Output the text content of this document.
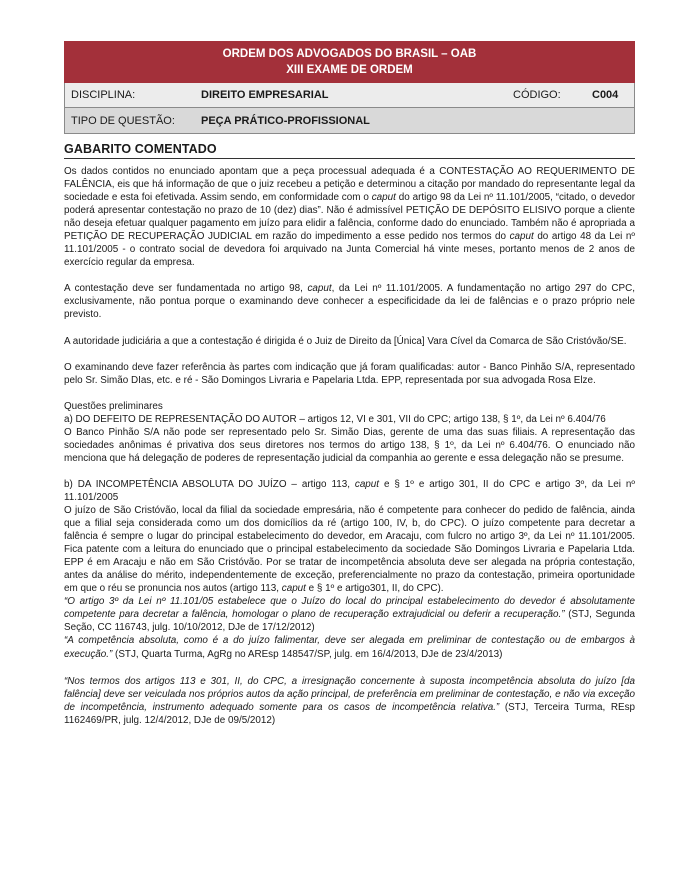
ORDEM DOS ADVOGADOS DO BRASIL – OAB
XIII EXAME DE ORDEM
DISCIPLINA:	DIREITO EMPRESARIAL	CÓDIGO:	C004
TIPO DE QUESTÃO:	PEÇA PRÁTICO-PROFISSIONAL
GABARITO COMENTADO

Os dados contidos no enunciado apontam que a peça processual adequada é a CONTESTAÇÃO AO REQUERIMENTO DE FALÊNCIA, eis que há informação de que o juiz recebeu a petição e determinou a citação por mandado do representante legal da sociedade e esta foi efetivada. Assim sendo, em conformidade com o caput do artigo 98 da Lei nº 11.101/2005, “citado, o devedor poderá apresentar contestação no prazo de 10 (dez) dias”. Não é admissível PETIÇÃO DE DEPÓSITO ELISIVO porque a cliente não deseja efetuar qualquer pagamento em juízo para elidir a falência, conforme dado do enunciado. Também não é apropriada a PETIÇÃO DE RECUPERAÇÃO JUDICIAL em razão do impedimento a esse pedido nos termos do caput do artigo 48 da Lei nº 11.101/2005 - o contrato social de devedora foi arquivado na Junta Comercial há vinte meses, portanto menos de 2 anos de exercício regular da empresa.

A contestação deve ser fundamentada no artigo 98, caput, da Lei nº 11.101/2005. A fundamentação no artigo 297 do CPC, exclusivamente, não pontua porque o examinando deve conhecer a especificidade da lei de falências e o prazo próprio nele previsto.

A autoridade judiciária a que a contestação é dirigida é o Juiz de Direito da [Única] Vara Cível da Comarca de São Cristóvão/SE.

O examinando deve fazer referência às partes com indicação que já foram qualificadas: autor - Banco Pinhão S/A, representado pelo Sr. Simão DIas, etc. e ré - São Domingos Livraria e Papelaria Ltda. EPP, representada por sua advogada Rosa Elze.

Questões preliminares

a) DO DEFEITO DE REPRESENTAÇÃO DO AUTOR – artigos 12, VI e 301, VII do CPC; artigo 138, § 1º, da Lei nº 6.404/76

O Banco Pinhão S/A não pode ser representado pelo Sr. Simão Dias, gerente de uma das suas filiais. A representação das sociedades anônimas é privativa dos seus diretores nos termos do artigo 138, § 1º, da Lei nº 6.404/76. O enunciado não menciona que há delegação de poderes de representação judicial da companhia ao gerente e essa delegação não se presume.

b) DA INCOMPETÊNCIA ABSOLUTA DO JUÍZO – artigo 113, caput e § 1º e artigo 301, II do CPC e artigo 3º, da Lei nº 11.101/2005

O juízo de São Cristóvão, local da filial da sociedade empresária, não é competente para conhecer do pedido de falência, ainda que a filial seja considerada como um dos domicílios da ré (artigo 100, IV, b, do CPC). O juízo competente para decretar a falência é sempre o lugar do principal estabelecimento do devedor, em Aracaju, com fulcro no artigo 3º, da Lei nº 11.101/2005. Fica patente com a leitura do enunciado que o principal estabelecimento da sociedade São Domingos Livraria e Papelaria Ltda. EPP é em Aracaju e não em São Cristóvão. Por se tratar de incompetência absoluta deve ser alegada na própria contestação, antes da análise do mérito, independentemente de exceção, preferencialmente no prazo da contestação, primeira oportunidade em que o réu se pronuncia nos autos (artigo 113, caput e § 1º e artigo301, II, do CPC).

“O artigo 3º da Lei nº 11.101/05 estabelece que o Juízo do local do principal estabelecimento do devedor é absolutamente competente para decretar a falência, homologar o plano de recuperação extrajudicial ou deferir a recuperação.” (STJ, Segunda Seção, CC 116743, julg. 10/10/2012, DJe de 17/12/2012)

“A competência absoluta, como é a do juízo falimentar, deve ser alegada em preliminar de contestação ou de embargos à execução.” (STJ, Quarta Turma, AgRg no AREsp 148547/SP, julg. em 16/4/2013, DJe de 23/4/2013)

“Nos termos dos artigos 113 e 301, II, do CPC, a irresignação concernente à suposta incompetência absoluta do juízo [da falência] deve ser veiculada nos próprios autos da ação principal, de preferência em preliminar de contestação, e não via exceção de incompetência, instrumento adequado somente para os casos de incompetência relativa.” (STJ, Terceira Turma, REsp 1162469/PR, julg. 12/4/2012, DJe de 09/5/2012)
